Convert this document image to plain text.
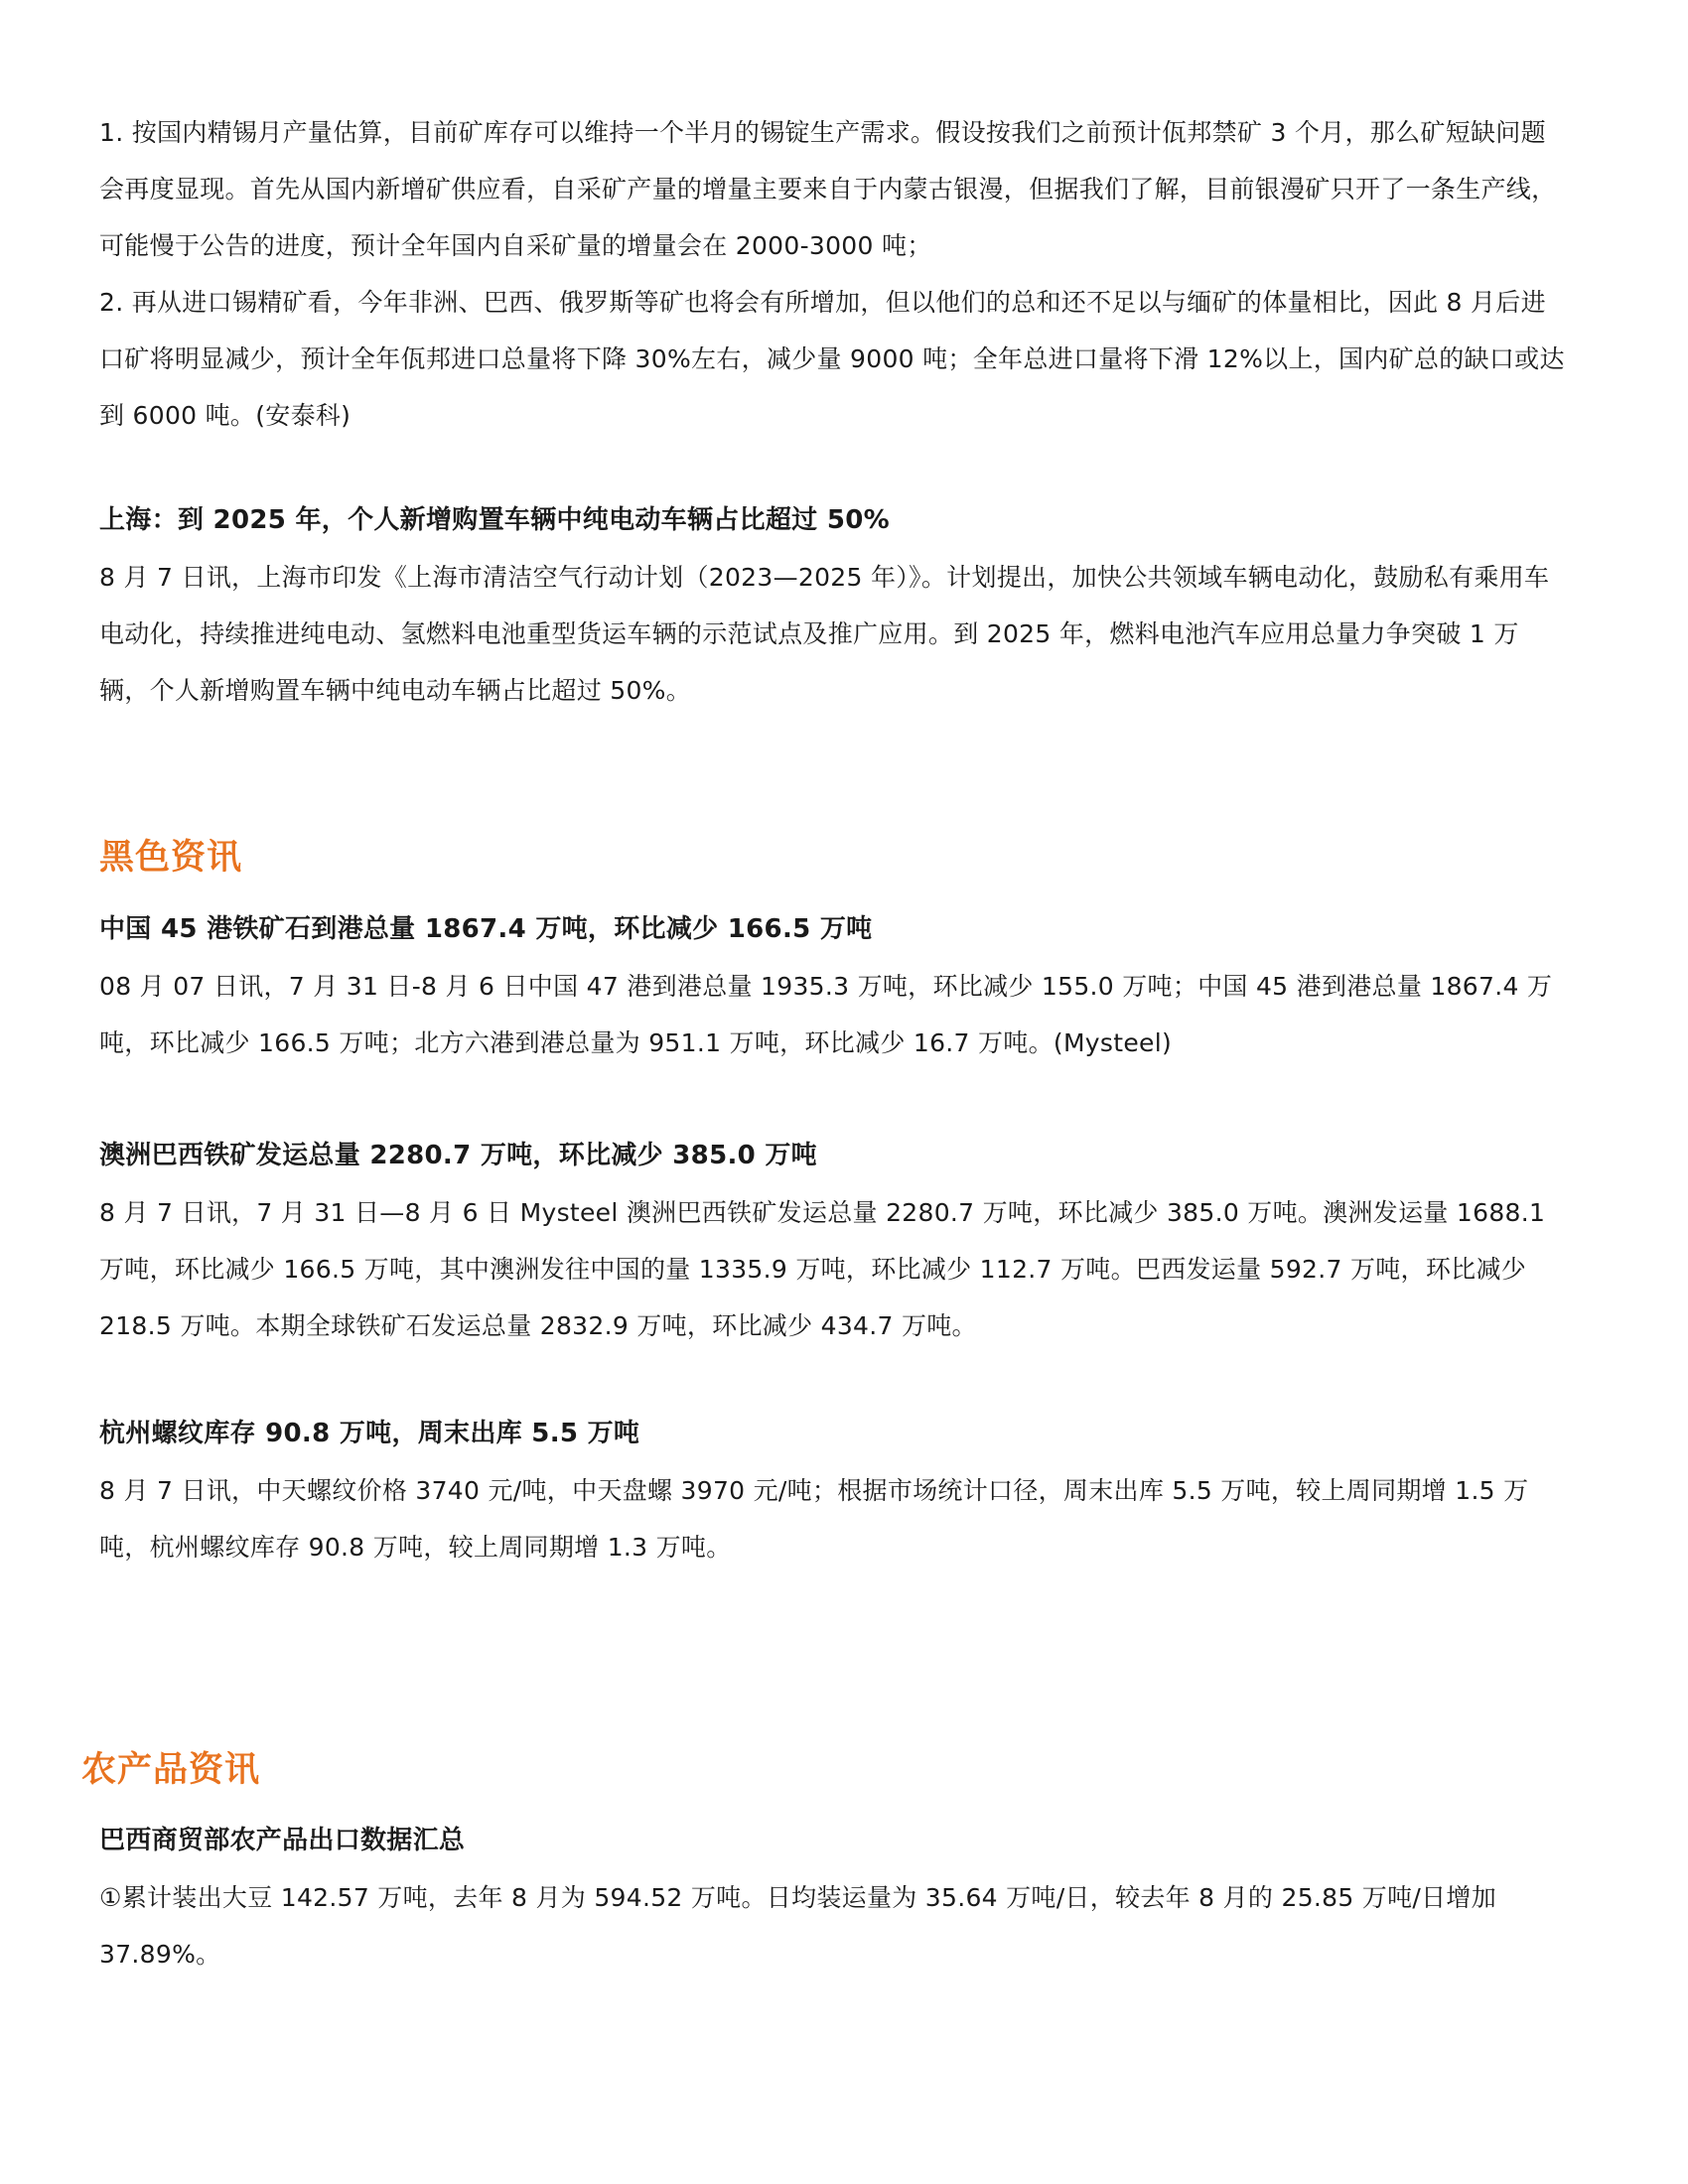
1. 按国内精锡月产量估算，目前矿库存可以维持一个半月的锡锭生产需求。假设按我们之前预计佤邦禁矿 3 个月，那么矿短缺问题会再度显现。首先从国内新增矿供应看，自采矿产量的增量主要来自于内蒙古银漫，但据我们了解，目前银漫矿只开了一条生产线，可能慢于公告的进度，预计全年国内自采矿量的增量会在 2000-3000 吨；

2. 再从进口锡精矿看，今年非洲、巴西、俄罗斯等矿也将会有所增加，但以他们的总和还不足以与缅矿的体量相比，因此 8 月后进口矿将明显减少，预计全年佤邦进口总量将下降 30%左右，减少量 9000 吨；全年总进口量将下滑 12%以上，国内矿总的缺口或达到 6000 吨。(安泰科)

上海：到 2025 年，个人新增购置车辆中纯电动车辆占比超过 50%

8 月 7 日讯，上海市印发《上海市清洁空气行动计划（2023—2025 年）》。计划提出，加快公共领域车辆电动化，鼓励私有乘用车电动化，持续推进纯电动、氢燃料电池重型货运车辆的示范试点及推广应用。到 2025 年，燃料电池汽车应用总量力争突破 1 万辆，个人新增购置车辆中纯电动车辆占比超过 50%。

黑色资讯
中国 45 港铁矿石到港总量 1867.4 万吨，环比减少 166.5 万吨

08 月 07 日讯，7 月 31 日-8 月 6 日中国 47 港到港总量 1935.3 万吨，环比减少 155.0 万吨；中国 45 港到港总量 1867.4 万吨，环比减少 166.5 万吨；北方六港到港总量为 951.1 万吨，环比减少 16.7 万吨。(Mysteel)

澳洲巴西铁矿发运总量 2280.7 万吨，环比减少 385.0 万吨

8 月 7 日讯，7 月 31 日—8 月 6 日 Mysteel 澳洲巴西铁矿发运总量 2280.7 万吨，环比减少 385.0 万吨。澳洲发运量 1688.1 万吨，环比减少 166.5 万吨，其中澳洲发往中国的量 1335.9 万吨，环比减少 112.7 万吨。巴西发运量 592.7 万吨，环比减少 218.5 万吨。本期全球铁矿石发运总量 2832.9 万吨，环比减少 434.7 万吨。

杭州螺纹库存 90.8 万吨，周末出库 5.5 万吨

8 月 7 日讯，中天螺纹价格 3740 元/吨，中天盘螺 3970 元/吨；根据市场统计口径，周末出库 5.5 万吨，较上周同期增 1.5 万吨，杭州螺纹库存 90.8 万吨，较上周同期增 1.3 万吨。

农产品资讯
巴西商贸部农产品出口数据汇总

①累计装出大豆 142.57 万吨，去年 8 月为 594.52 万吨。日均装运量为 35.64 万吨/日，较去年 8 月的 25.85 万吨/日增加 37.89%。
